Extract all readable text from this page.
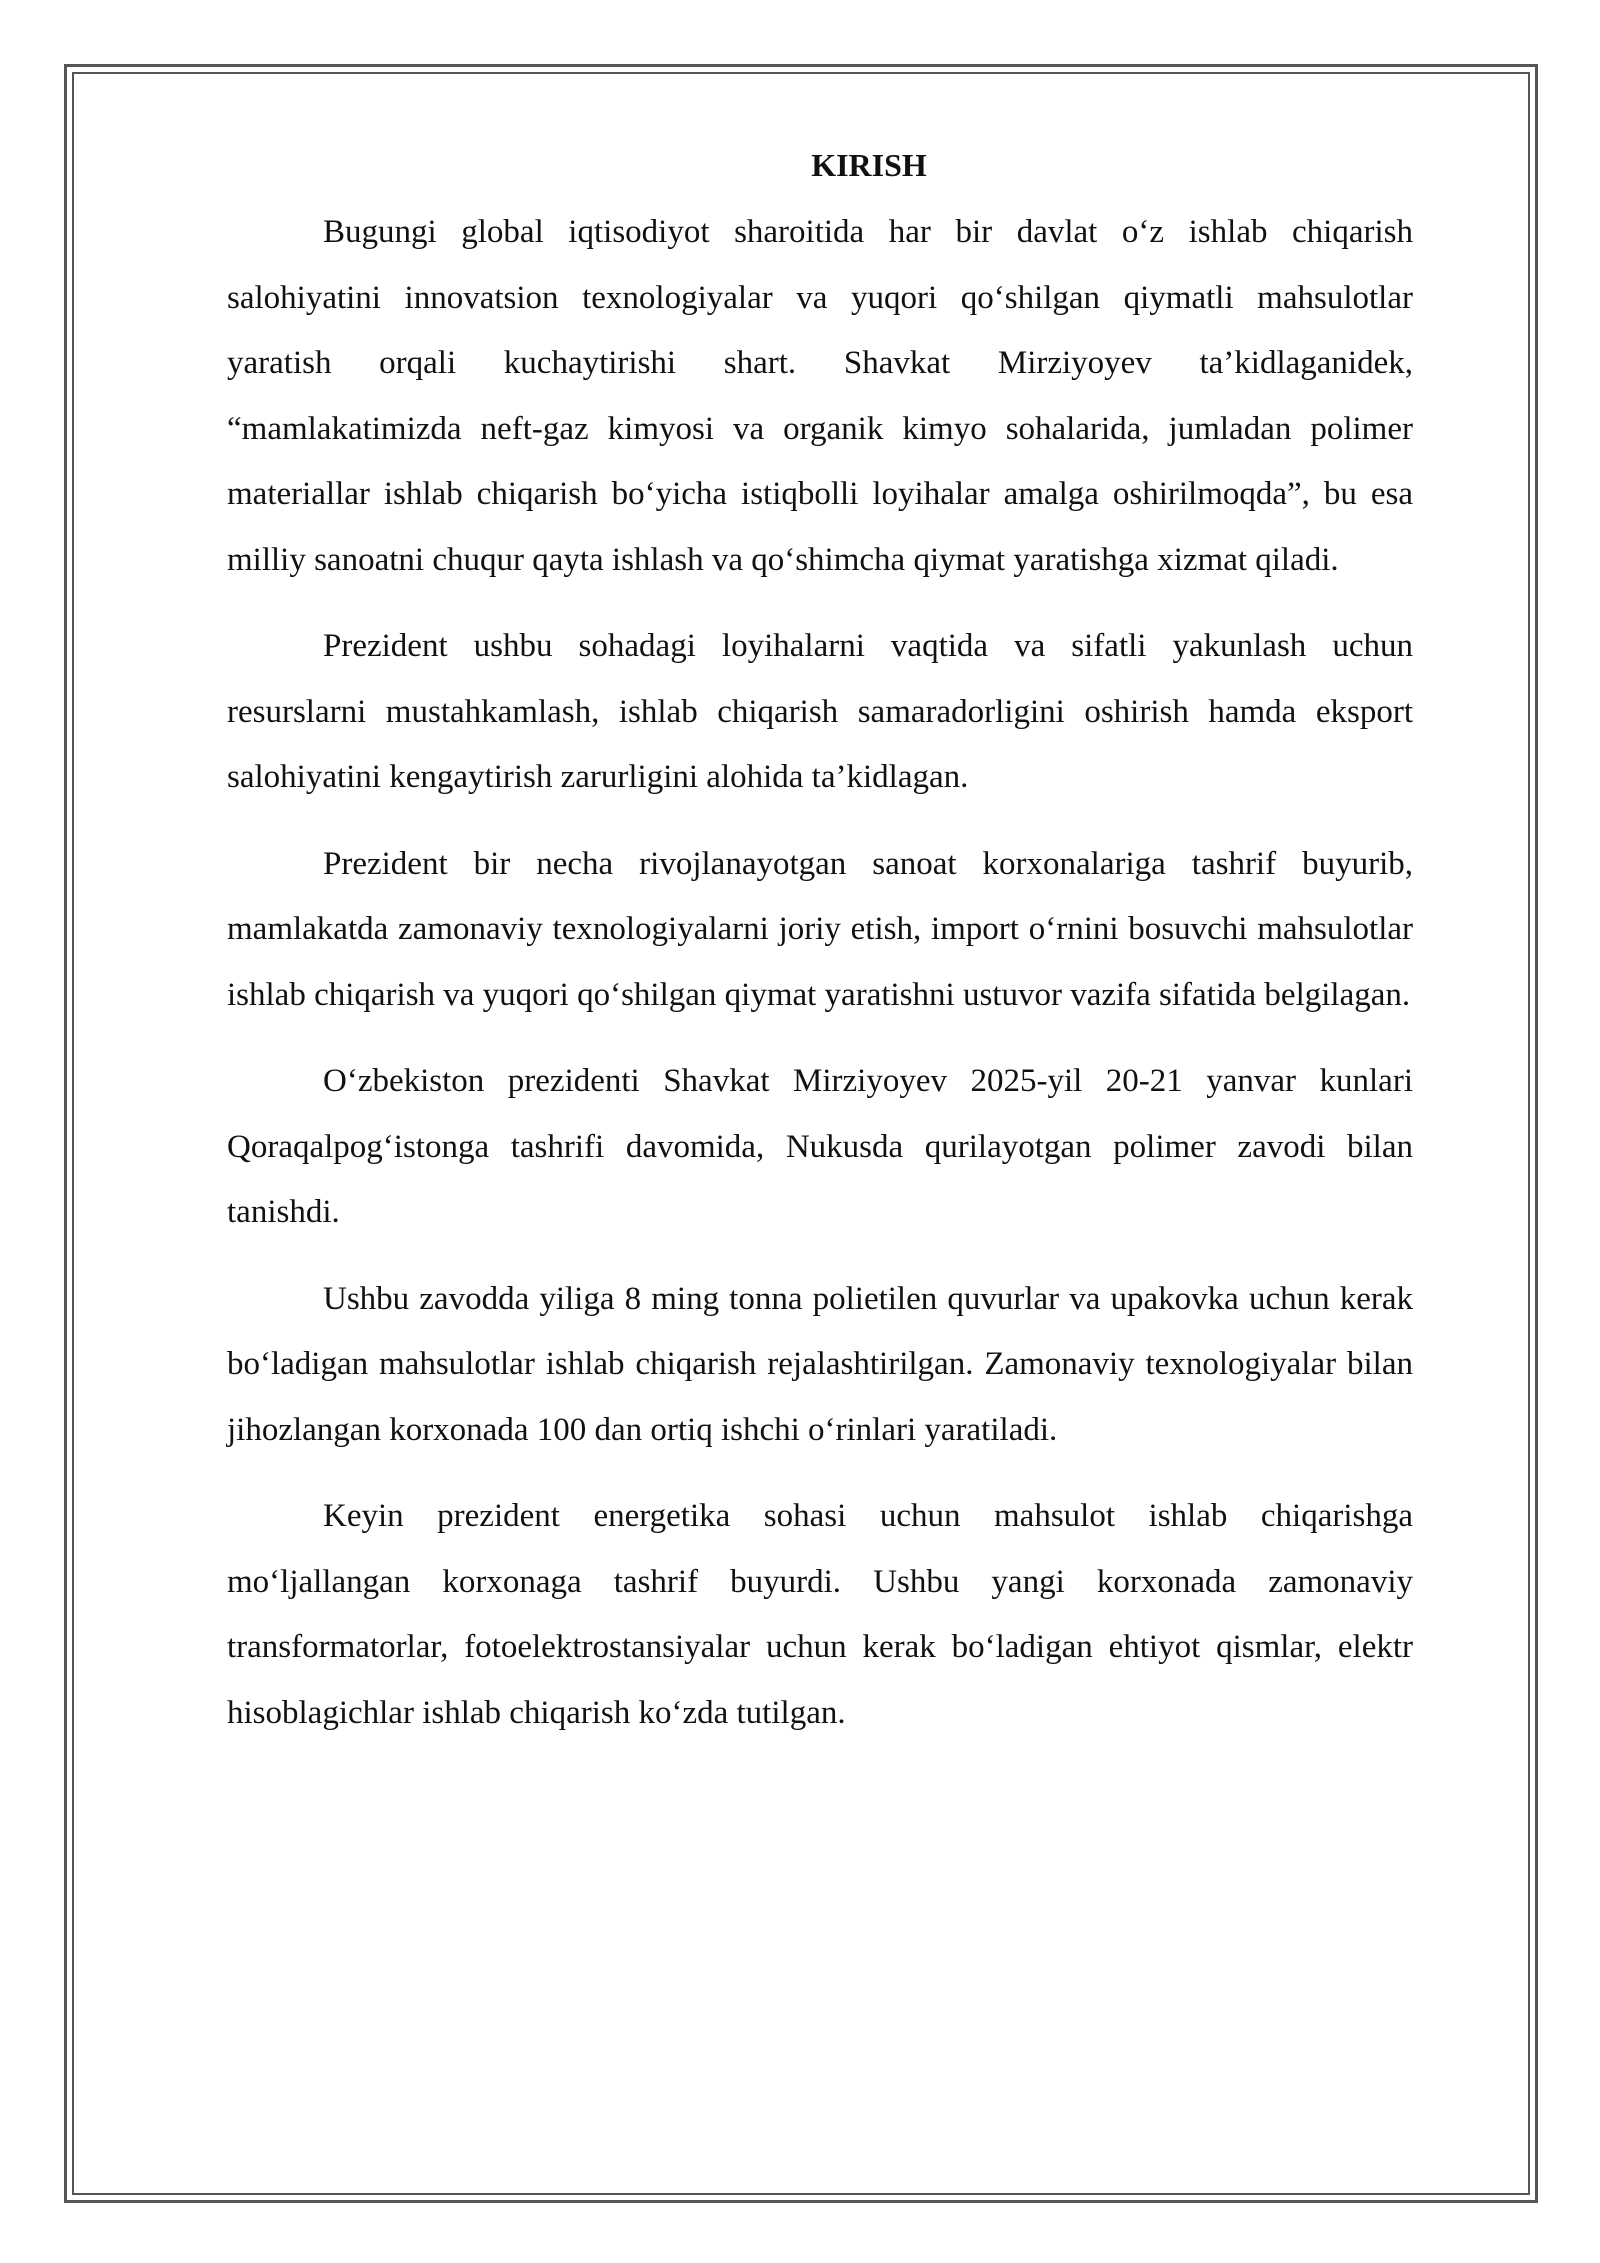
KIRISH

Bugungi global iqtisodiyot sharoitida har bir davlat o‘z ishlab chiqarish salohiyatini innovatsion texnologiyalar va yuqori qo‘shilgan qiymatli mahsulotlar yaratish orqali kuchaytirishi shart. Shavkat Mirziyoyev ta’kidlaganidek, “mamlakatimizda neft-gaz kimyosi va organik kimyo sohalarida, jumladan polimer materiallar ishlab chiqarish bo‘yicha istiqbolli loyihalar amalga oshirilmoqda”, bu esa milliy sanoatni chuqur qayta ishlash va qo‘shimcha qiymat yaratishga xizmat qiladi.

Prezident ushbu sohadagi loyihalarni vaqtida va sifatli yakunlash uchun resurslarni mustahkamlash, ishlab chiqarish samaradorligini oshirish hamda eksport salohiyatini kengaytirish zarurligini alohida ta’kidlagan.

Prezident bir necha rivojlanayotgan sanoat korxonalariga tashrif buyurib, mamlakatda zamonaviy texnologiyalarni joriy etish, import o‘rnini bosuvchi mahsulotlar ishlab chiqarish va yuqori qo‘shilgan qiymat yaratishni ustuvor vazifa sifatida belgilagan.

O‘zbekiston prezidenti Shavkat Mirziyoyev 2025-yil 20-21 yanvar kunlari Qoraqalpog‘istonga tashrifi davomida, Nukusda qurilayotgan polimer zavodi bilan tanishdi.

Ushbu zavodda yiliga 8 ming tonna polietilen quvurlar va upakovka uchun kerak bo‘ladigan mahsulotlar ishlab chiqarish rejalashtirilgan. Zamonaviy texnologiyalar bilan jihozlangan korxonada 100 dan ortiq ishchi o‘rinlari yaratiladi.

Keyin prezident energetika sohasi uchun mahsulot ishlab chiqarishga mo‘ljallangan korxonaga tashrif buyurdi. Ushbu yangi korxonada zamonaviy transformatorlar, fotoelektrostansiyalar uchun kerak bo‘ladigan ehtiyot qismlar, elektr hisoblagichlar ishlab chiqarish ko‘zda tutilgan.
